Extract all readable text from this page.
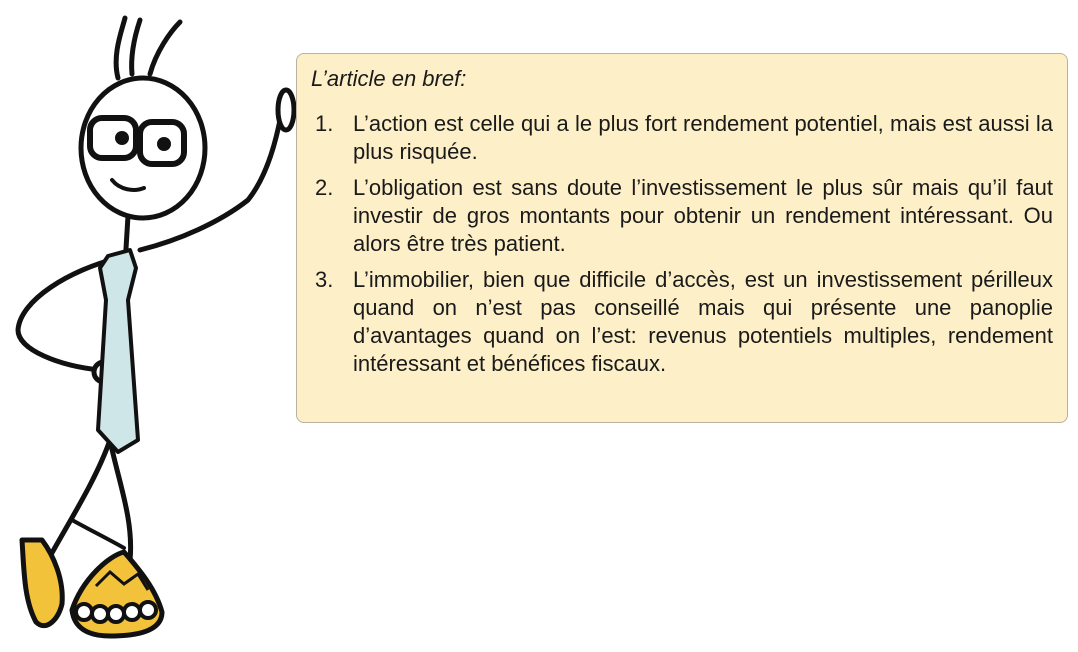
L’article en bref:
1. L’action est celle qui a le plus fort rendement potentiel, mais est aussi la plus risquée.
2. L’obligation est sans doute l’investissement le plus sûr mais qu’il faut investir de gros montants pour obtenir un rendement intéressant. Ou alors être très patient.
3. L’immobilier, bien que difficile d’accès, est un investissement périlleux quand on n’est pas conseillé mais qui présente une panoplie d’avantages quand on l’est: revenus potentiels multiples, rendement intéressant et bénéfices fiscaux.
